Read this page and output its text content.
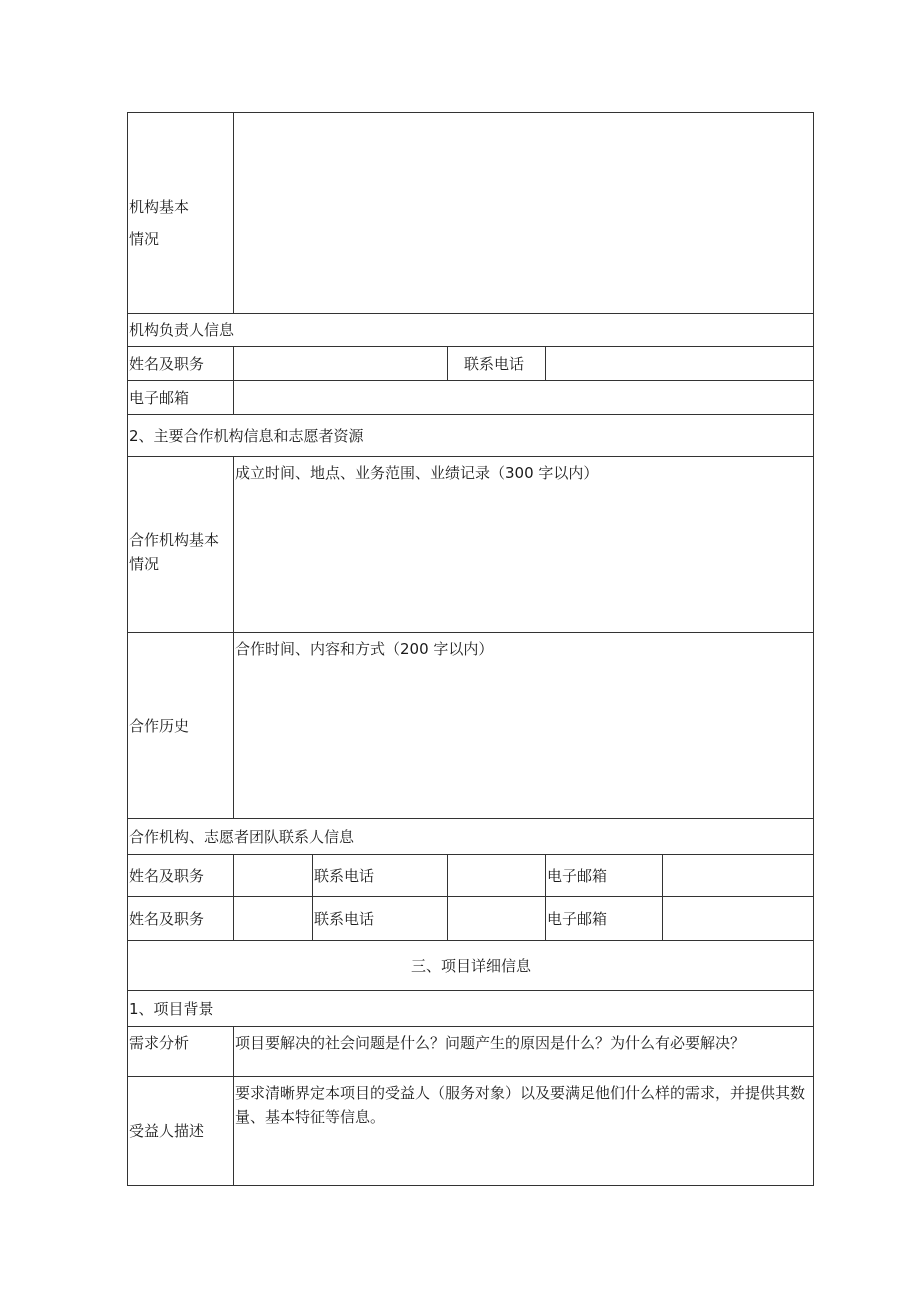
机构基本
情况					

机构负责人信息					
姓名及职务			联系电话		
电子邮箱					
2、主要合作机构信息和志愿者资源					

合作机构基本
情况	成立时间、地点、业务范围、业绩记录（300 字以内）				
合作历史	合作时间、内容和方式（200 字以内）				
合作机构、志愿者团队联系人信息					
姓名及职务		联系电话		电子邮箱	
姓名及职务		联系电话		电子邮箱	
三、项目详细信息					
1、项目背景					
需求分析	项目要解决的社会问题是什么？问题产生的原因是什么？为什么有必要解决？				
受益人描述	要求清晰界定本项目的受益人（服务对象）以及要满足他们什么样的需求，并提供其数量、基本特征等信息。				
